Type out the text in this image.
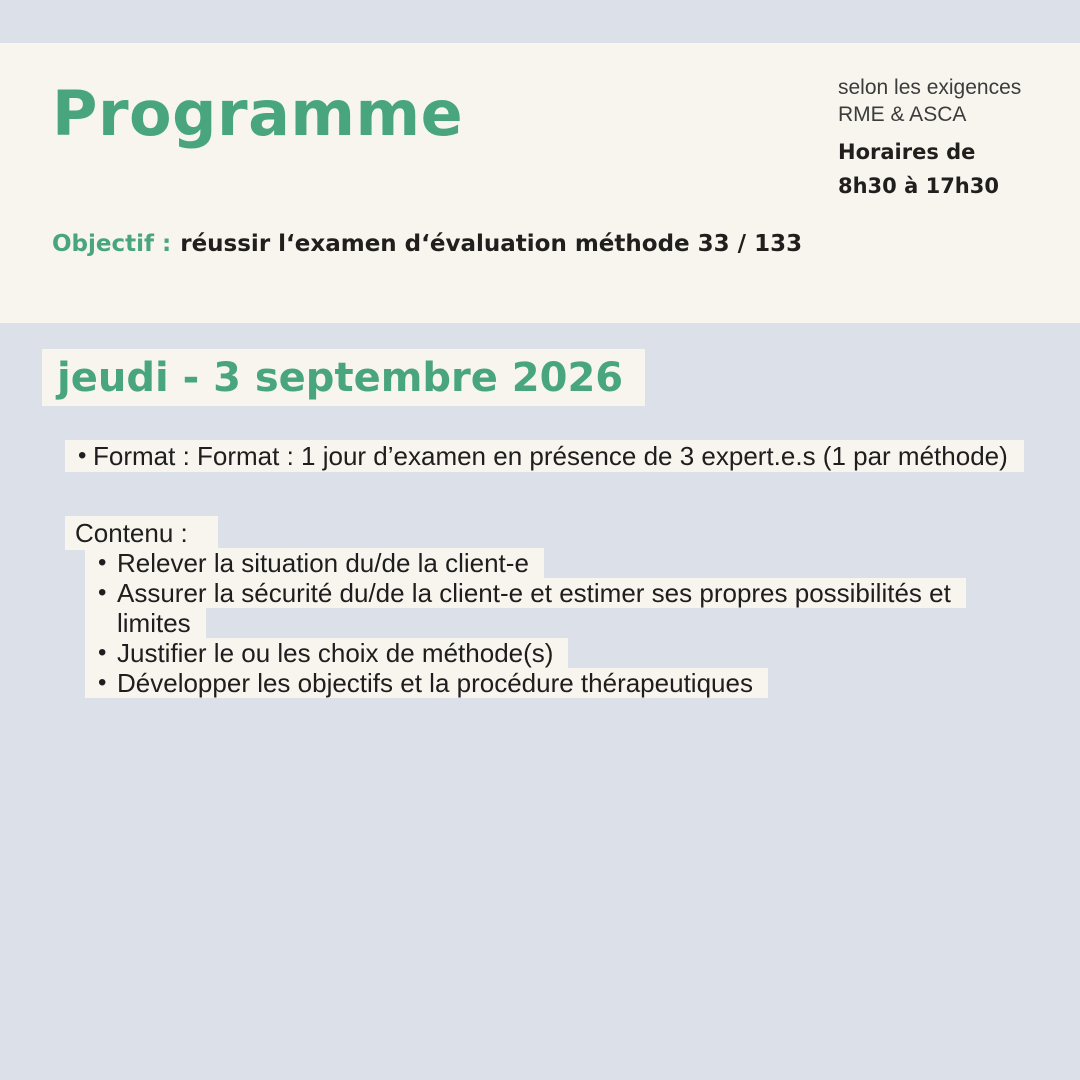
Programme	selon les exigences
RME & ASCA
Horaires de
8h30 à 17h30

Objectif : réussir l‘examen d‘évaluation méthode 33 / 133

jeudi - 3 septembre 2026
• Format : Format : 1 jour d’examen en présence de 3 expert.e.s (1 par méthode)
Contenu :
• Relever la situation du/de la client-e
• Assurer la sécurité du/de la client-e et estimer ses propres possibilités et
limites
• Justifier le ou les choix de méthode(s)
• Développer les objectifs et la procédure thérapeutiques
